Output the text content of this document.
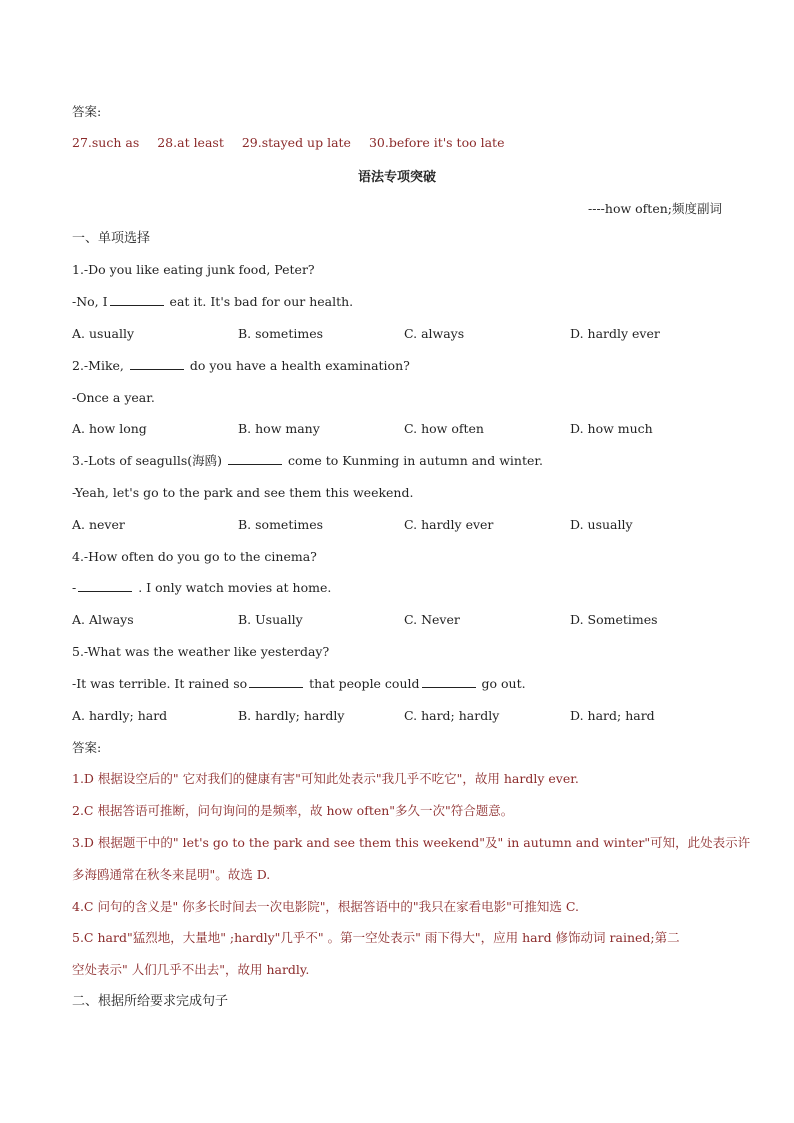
答案:
27.such as 28.at least 29.stayed up late 30.before it's too late
语法专项突破
----how often;频度副词
一、单项选择
1.-Do you like eating junk food, Peter?
-No, I	eat it. It's bad for our health.
A. usually	B. sometimes	C. always	D. hardly ever
2.-Mike,	do you have a health examination?
-Once a year.
A. how long	B. how many	C. how often	D. how much
3.-Lots of seagulls(海鸥)	come to Kunming in autumn and winter.
-Yeah, let's go to the park and see them this weekend.
A. never	B. sometimes	C. hardly ever	D. usually
4.-How often do you go to the cinema?
-	. I only watch movies at home.
A. Always	B. Usually	C. Never	D. Sometimes
5.-What was the weather like yesterday?
-It was terrible. It rained so	that people could	go out.
A. hardly; hard	B. hardly; hardly	C. hard; hardly	D. hard; hard
答案:
1.D 根据设空后的" 它对我们的健康有害"可知此处表示"我几乎不吃它"，故用 hardly ever.
2.C 根据答语可推断，问句询问的是频率，故 how often"多久一次"符合题意。
3.D 根据题干中的" let's go to the park and see them this weekend"及" in autumn and winter"可知，此处表示许
多海鸥通常在秋冬来昆明"。故选 D.
4.C 问句的含义是" 你多长时间去一次电影院"，根据答语中的"我只在家看电影"可推知选 C.
5.C hard"猛烈地，大量地" ;hardly"几乎不" 。第一空处表示" 雨下得大"，应用 hard 修饰动词 rained;第二
空处表示" 人们几乎不出去"，故用 hardly.
二、根据所给要求完成句子
